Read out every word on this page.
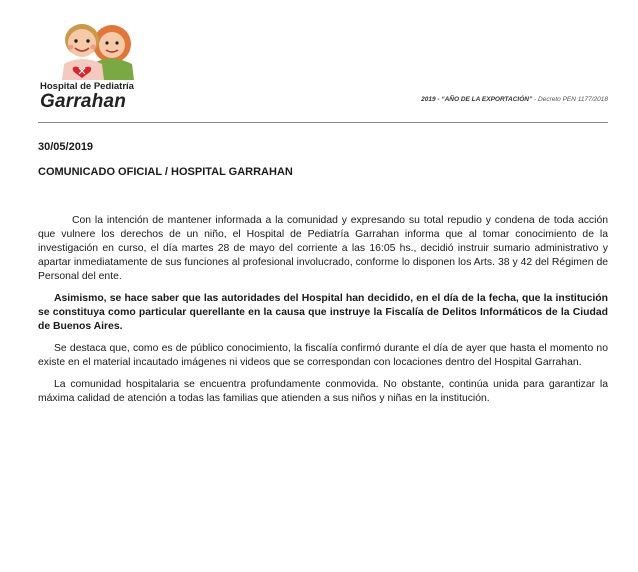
Hospital de Pediatría
Garrahan	2019 - “AÑO DE LA EXPORTACIÓN” - Decreto PEN 1177/2018
30/05/2019
COMUNICADO OFICIAL / HOSPITAL GARRAHAN

Con la intención de mantener informada a la comunidad y expresando su total repudio y condena de toda acción que vulnere los derechos de un niño, el Hospital de Pediatría Garrahan informa que al tomar conocimiento de la investigación en curso, el día martes 28 de mayo del corriente a las 16:05 hs., decidió instruir sumario administrativo y apartar inmediatamente de sus funciones al profesional involucrado, conforme lo disponen los Arts. 38 y 42 del Régimen de Personal del ente.

Asimismo, se hace saber que las autoridades del Hospital han decidido, en el día de la fecha, que la institución se constituya como particular querellante en la causa que instruye la Fiscalía de Delitos Informáticos de la Ciudad de Buenos Aires.

Se destaca que, como es de público conocimiento, la fiscalía confirmó durante el día de ayer que hasta el momento no existe en el material incautado imágenes ni videos que se correspondan con locaciones dentro del Hospital Garrahan.

La comunidad hospitalaria se encuentra profundamente conmovida. No obstante, continúa unida para garantizar la máxima calidad de atención a todas las familias que atienden a sus niños y niñas en la institución.
